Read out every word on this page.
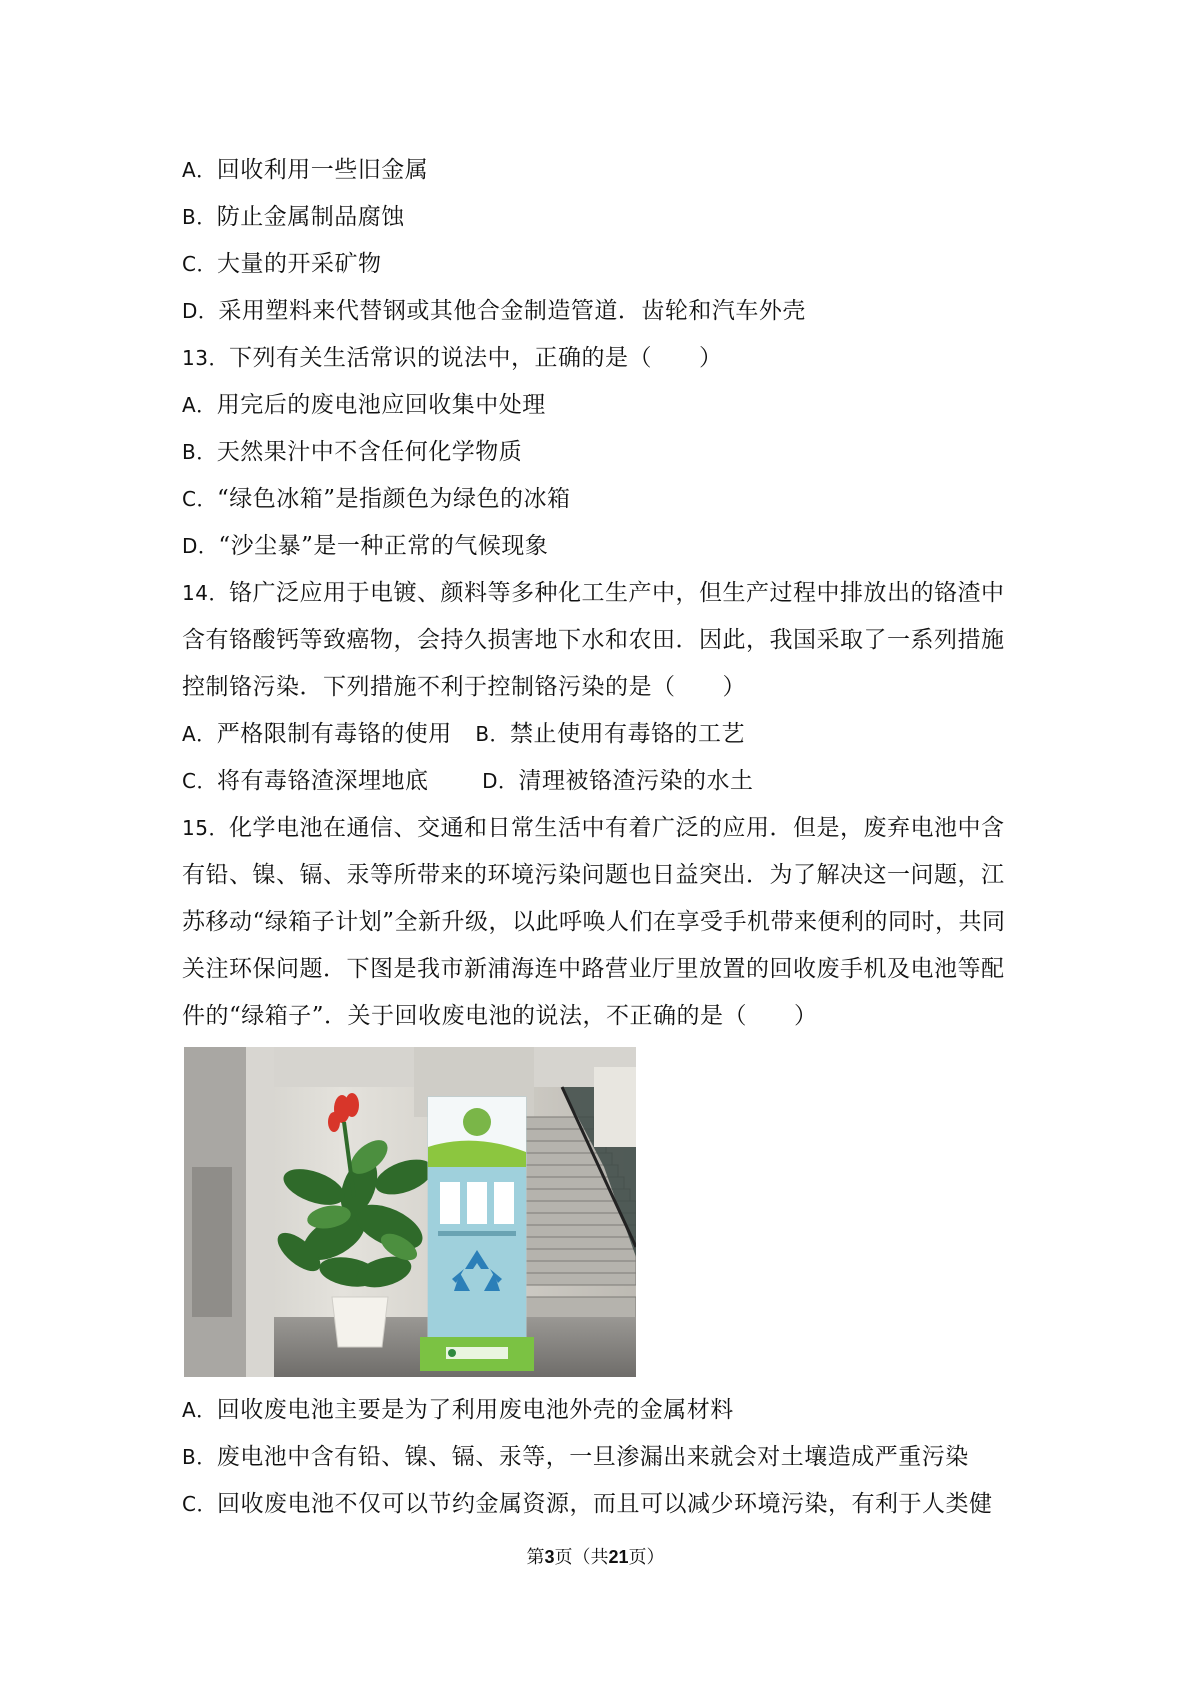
A．回收利用一些旧金属
B．防止金属制品腐蚀
C．大量的开采矿物
D．采用塑料来代替钢或其他合金制造管道．齿轮和汽车外壳
13．下列有关生活常识的说法中，正确的是（　　）
A．用完后的废电池应回收集中处理
B．天然果汁中不含任何化学物质
C．“绿色冰箱”是指颜色为绿色的冰箱
D．“沙尘暴”是一种正常的气候现象
14．铬广泛应用于电镀、颜料等多种化工生产中，但生产过程中排放出的铬渣中
含有铬酸钙等致癌物，会持久损害地下水和农田．因此，我国采取了一系列措施
控制铬污染．下列措施不利于控制铬污染的是（　　）
A．严格限制有毒铬的使用 B．禁止使用有毒铬的工艺
C．将有毒铬渣深埋地底	D．清理被铬渣污染的水土
15．化学电池在通信、交通和日常生活中有着广泛的应用．但是，废弃电池中含
有铅、镍、镉、汞等所带来的环境污染问题也日益突出．为了解决这一问题，江
苏移动“绿箱子计划”全新升级，以此呼唤人们在享受手机带来便利的同时，共同
关注环保问题．下图是我市新浦海连中路营业厅里放置的回收废手机及电池等配
件的“绿箱子”．关于回收废电池的说法，不正确的是（　　）
A．回收废电池主要是为了利用废电池外壳的金属材料
B．废电池中含有铅、镍、镉、汞等，一旦渗漏出来就会对土壤造成严重污染
C．回收废电池不仅可以节约金属资源，而且可以减少环境污染，有利于人类健
第3页（共21页）
